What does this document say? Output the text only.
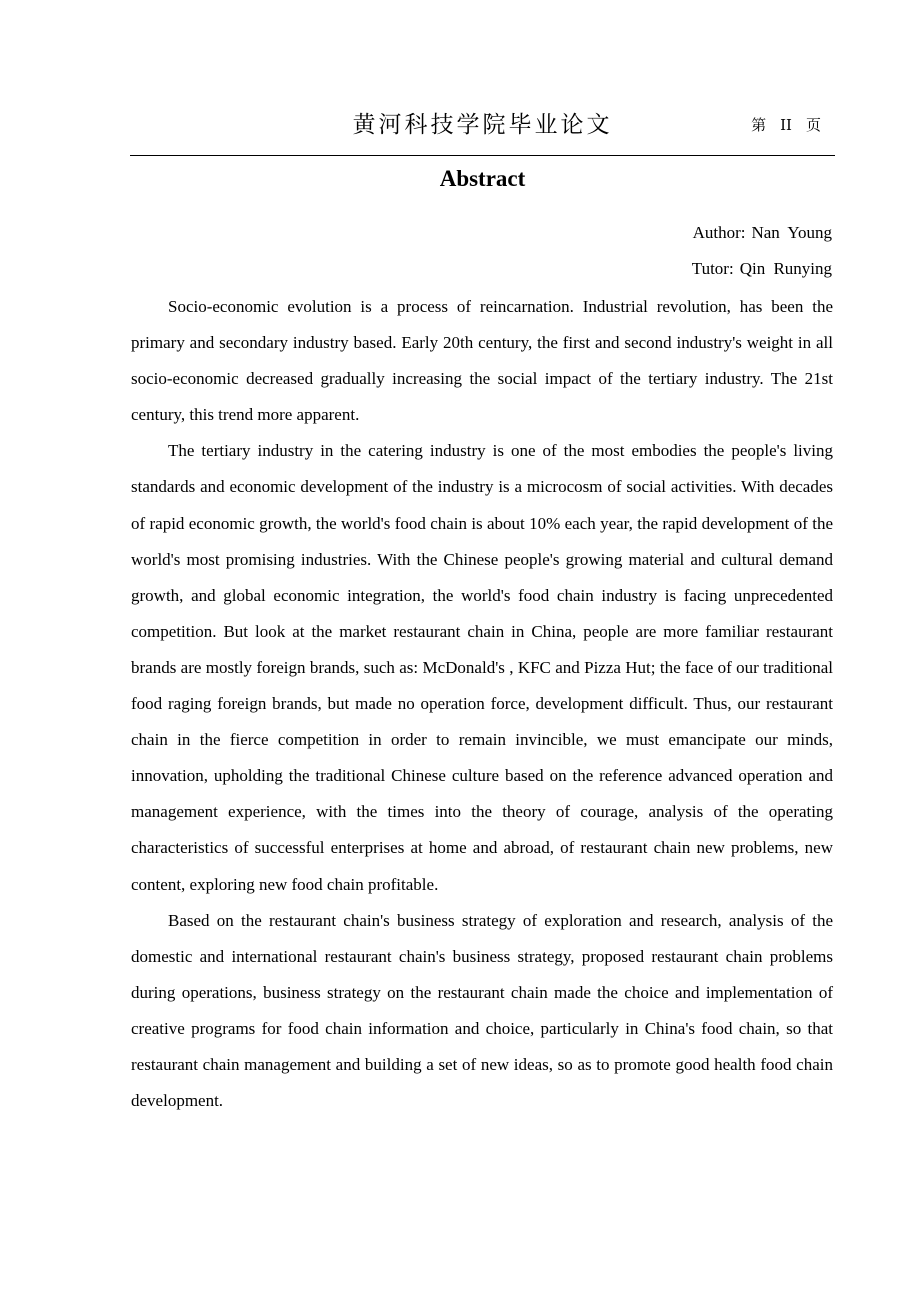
黄河科技学院毕业论文	第 II 页
Abstract
Author: Nan Young
Tutor: Qin Runying

Socio-economic evolution is a process of reincarnation. Industrial revolution, has been the primary and secondary industry based. Early 20th century, the first and second industry's weight in all socio-economic decreased gradually increasing the social impact of the tertiary industry. The 21st century, this trend more apparent.

The tertiary industry in the catering industry is one of the most embodies the people's living standards and economic development of the industry is a microcosm of social activities. With decades of rapid economic growth, the world's food chain is about 10% each year, the rapid development of the world's most promising industries. With the Chinese people's growing material and cultural demand growth, and global economic integration, the world's food chain industry is facing unprecedented competition. But look at the market restaurant chain in China, people are more familiar restaurant brands are mostly foreign brands, such as: McDonald's , KFC and Pizza Hut; the face of our traditional food raging foreign brands, but made no operation force, development difficult. Thus, our restaurant chain in the fierce competition in order to remain invincible, we must emancipate our minds, innovation, upholding the traditional Chinese culture based on the reference advanced operation and management experience, with the times into the theory of courage, analysis of the operating characteristics of successful enterprises at home and abroad, of restaurant chain new problems, new content, exploring new food chain profitable.

Based on the restaurant chain's business strategy of exploration and research, analysis of the domestic and international restaurant chain's business strategy, proposed restaurant chain problems during operations, business strategy on the restaurant chain made the choice and implementation of creative programs for food chain information and choice, particularly in China's food chain, so that restaurant chain management and building a set of new ideas, so as to promote good health food chain development.
